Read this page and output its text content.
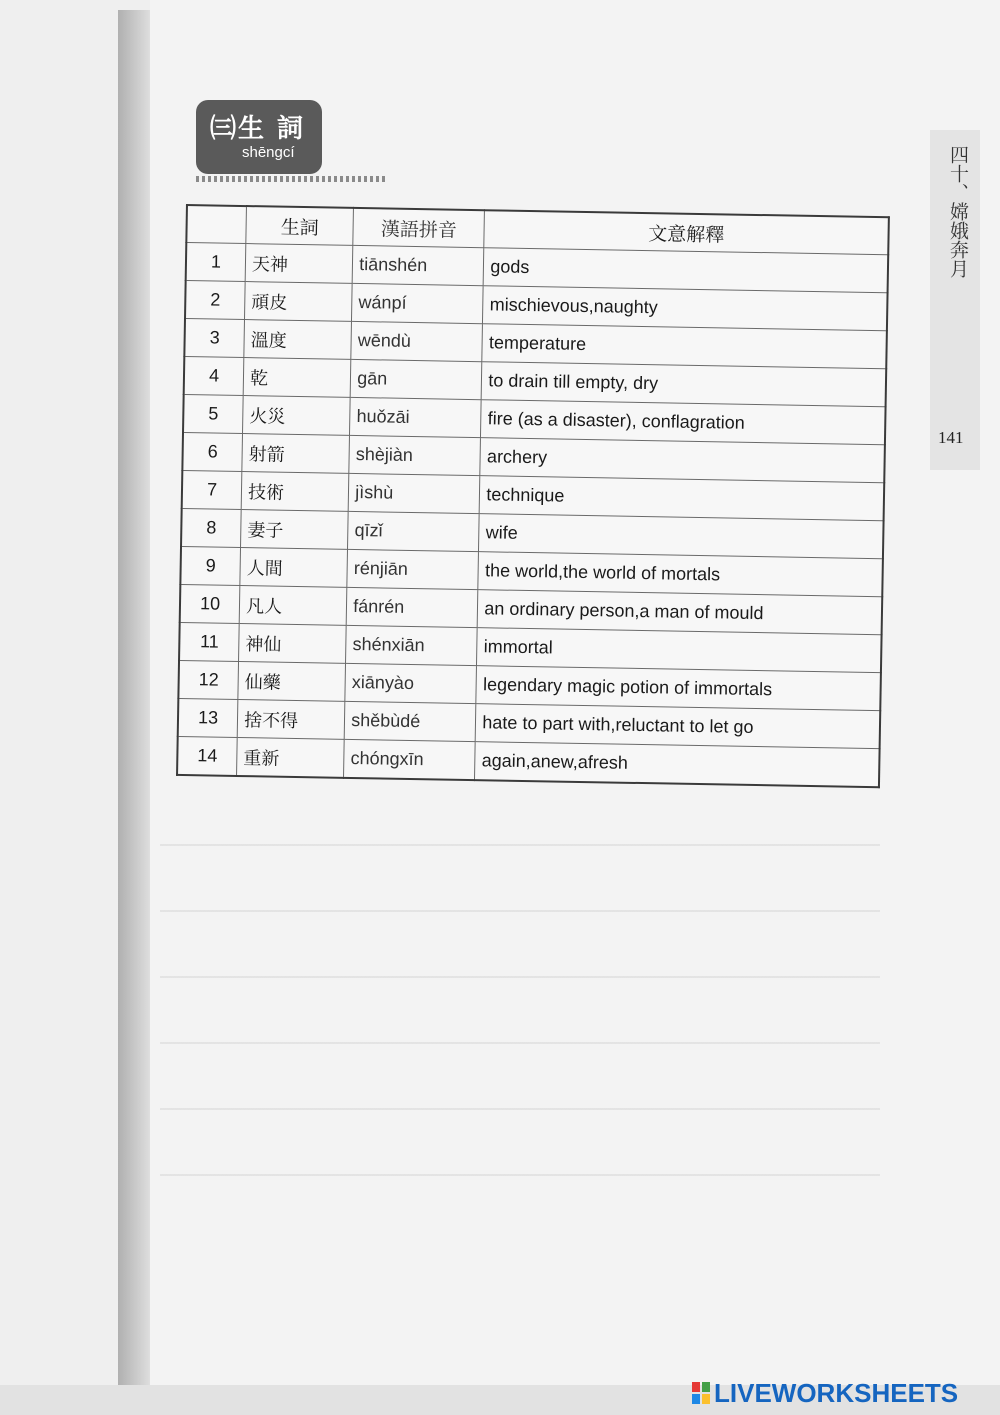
㈢生 詞
shēngcí	四十、嫦娥奔月
141
	生詞	漢語拼音	文意解釋
1	天神	tiānshén	gods
2	頑皮	wánpí	mischievous,naughty
3	溫度	wēndù	temperature
4	乾	gān	to drain till empty, dry
5	火災	huǒzāi	fire (as a disaster), conflagration
6	射箭	shèjiàn	archery
7	技術	jìshù	technique
8	妻子	qīzǐ	wife
9	人間	rénjiān	the world,the world of mortals
10	凡人	fánrén	an ordinary person,a man of mould
11	神仙	shénxiān	immortal
12	仙藥	xiānyào	legendary magic potion of immortals
13	捨不得	shěbùdé	hate to part with,reluctant to let go
14	重新	chóngxīn	again,anew,afresh
LIVEWORKSHEETS
